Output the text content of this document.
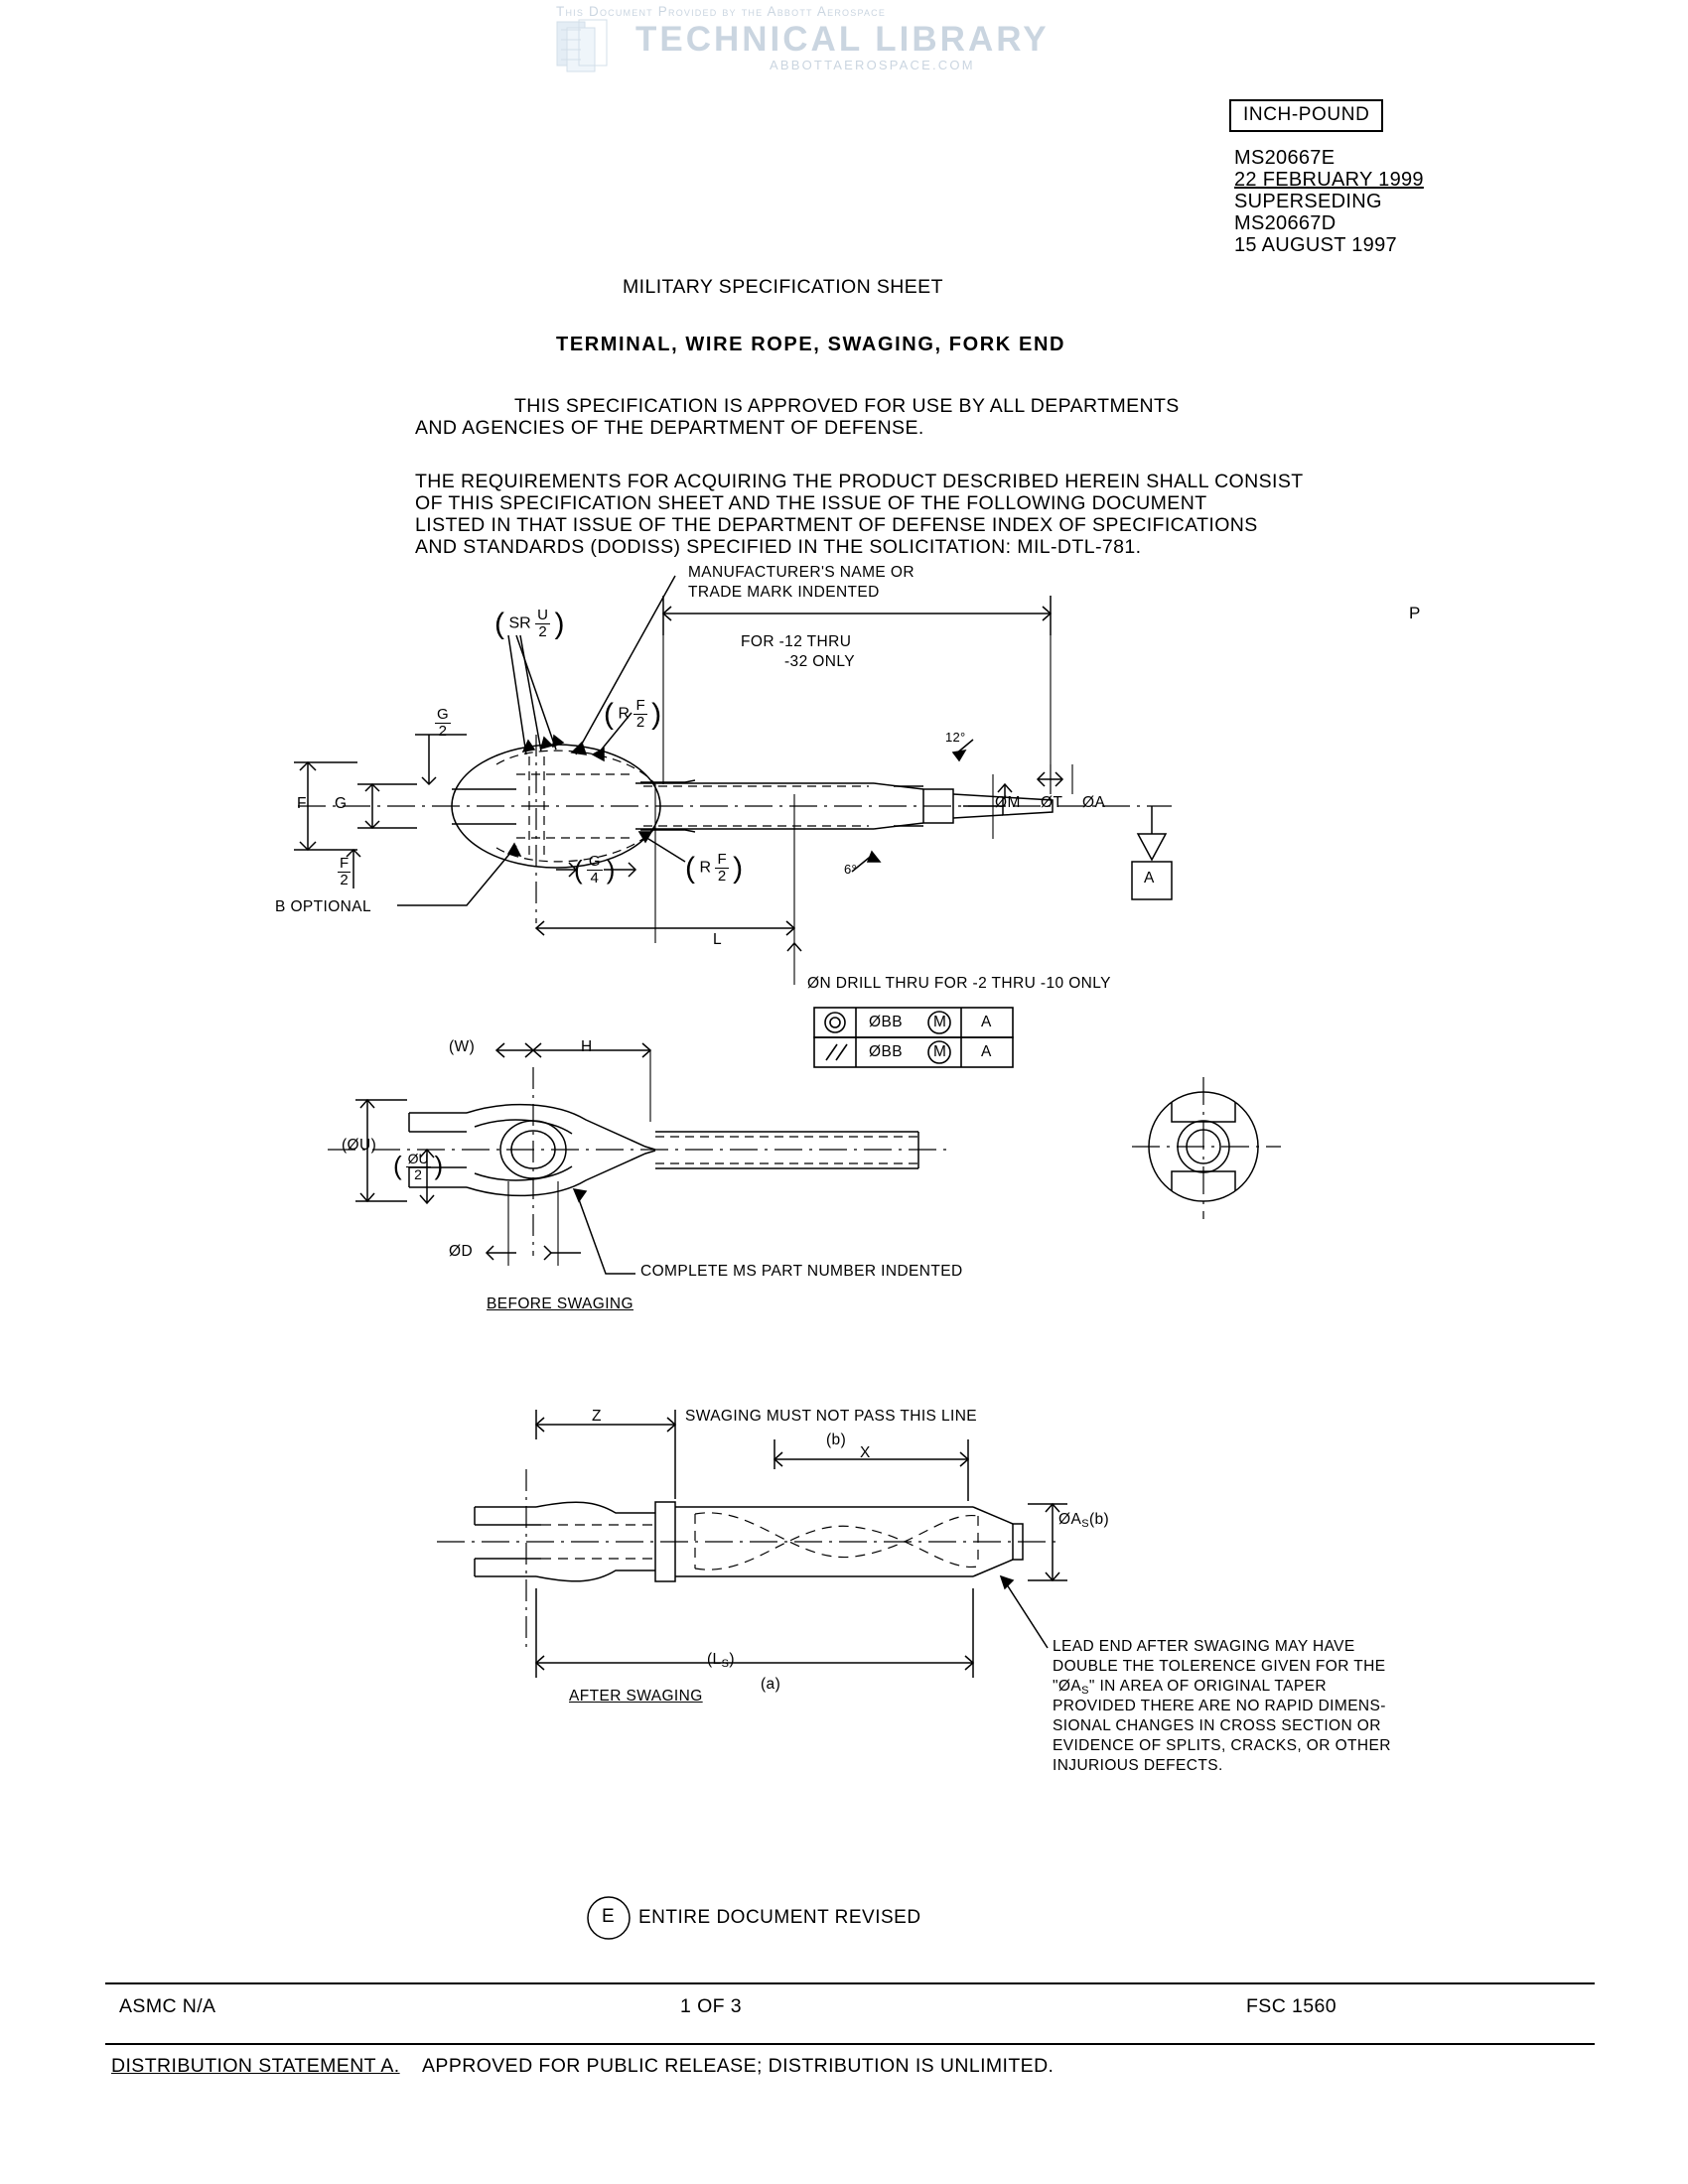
This Document Provided by the Abbott Aerospace
TECHNICAL LIBRARY
ABBOTTAEROSPACE.COM
INCH-POUND
MS20667E
22 FEBRUARY 1999
SUPERSEDING
MS20667D
15 AUGUST 1997
MILITARY SPECIFICATION SHEET
TERMINAL, WIRE ROPE, SWAGING, FORK END
THIS SPECIFICATION IS APPROVED FOR USE BY ALL DEPARTMENTS
AND AGENCIES OF THE DEPARTMENT OF DEFENSE.
THE REQUIREMENTS FOR ACQUIRING THE PRODUCT DESCRIBED HEREIN SHALL CONSIST
OF THIS SPECIFICATION SHEET AND THE ISSUE OF THE FOLLOWING DOCUMENT
LISTED IN THAT ISSUE OF THE DEPARTMENT OF DEFENSE INDEX OF SPECIFICATIONS
AND STANDARDS (DODISS) SPECIFIED IN THE SOLICITATION: MIL-DTL-781.
MANUFACTURER'S NAME OR
TRADE MARK INDENTED
P
FOR -12 THRU
-32 ONLY
( SR $\frac{U}{2}$ )
( R $\frac{F}{2}$ )
( R $\frac{F}{2}$ )
$\frac{G}{2}$
$\frac{F}{2}$	( $\frac{G}{4}$ )
F G
B OPTIONAL
12°
6°
ØM ØT ØA
A
L
ØN DRILL THRU FOR -2 THRU -10 ONLY
ØBB M A
ØBB M A
(W)	H
(ØU)
( $\frac{ØU}{2}$ )
ØD
COMPLETE MS PART NUMBER INDENTED
BEFORE SWAGING
Z	SWAGING MUST NOT PASS THIS LINE
(b)
X
ØAS(b)
(LS)
(a)
AFTER SWAGING
LEAD END AFTER SWAGING MAY HAVE
DOUBLE THE TOLERENCE GIVEN FOR THE
"ØAS" IN AREA OF ORIGINAL TAPER
PROVIDED THERE ARE NO RAPID DIMENS-
SIONAL CHANGES IN CROSS SECTION OR
EVIDENCE OF SPLITS, CRACKS, OR OTHER
INJURIOUS DEFECTS.
E ENTIRE DOCUMENT REVISED
ASMC N/A	1 OF 3	FSC 1560
DISTRIBUTION STATEMENT A. APPROVED FOR PUBLIC RELEASE; DISTRIBUTION IS UNLIMITED.
